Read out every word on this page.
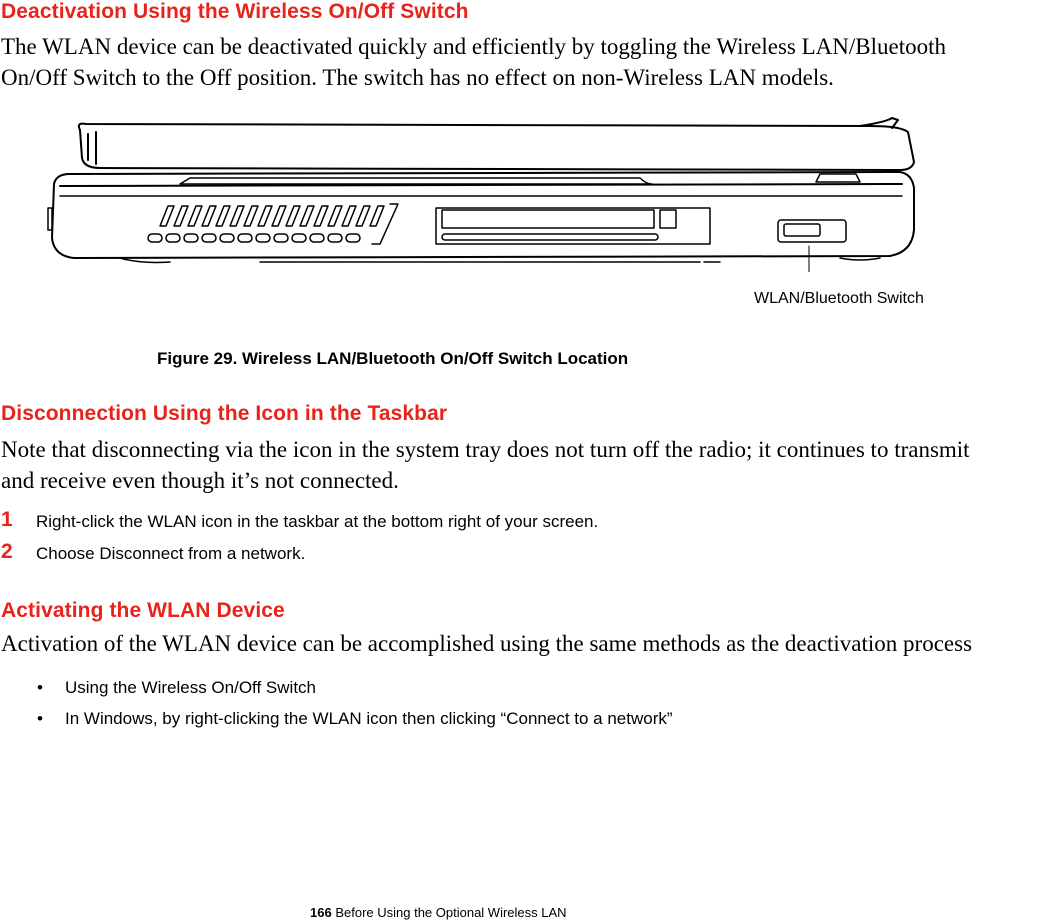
Deactivation Using the Wireless On/Off Switch

The WLAN device can be deactivated quickly and efficiently by toggling the Wireless LAN/Bluetooth
On/Off Switch to the Off position. The switch has no effect on non-Wireless LAN models.

WLAN/Bluetooth Switch

Figure 29. Wireless LAN/Bluetooth On/Off Switch Location

Disconnection Using the Icon in the Taskbar

Note that disconnecting via the icon in the system tray does not turn off the radio; it continues to transmit
and receive even though it’s not connected.

1 Right-click the WLAN icon in the taskbar at the bottom right of your screen.
2 Choose Disconnect from a network.
Activating the WLAN Device

Activation of the WLAN device can be accomplished using the same methods as the deactivation process

• Using the Wireless On/Off Switch
• In Windows, by right-clicking the WLAN icon then clicking “Connect to a network”
166 Before Using the Optional Wireless LAN
